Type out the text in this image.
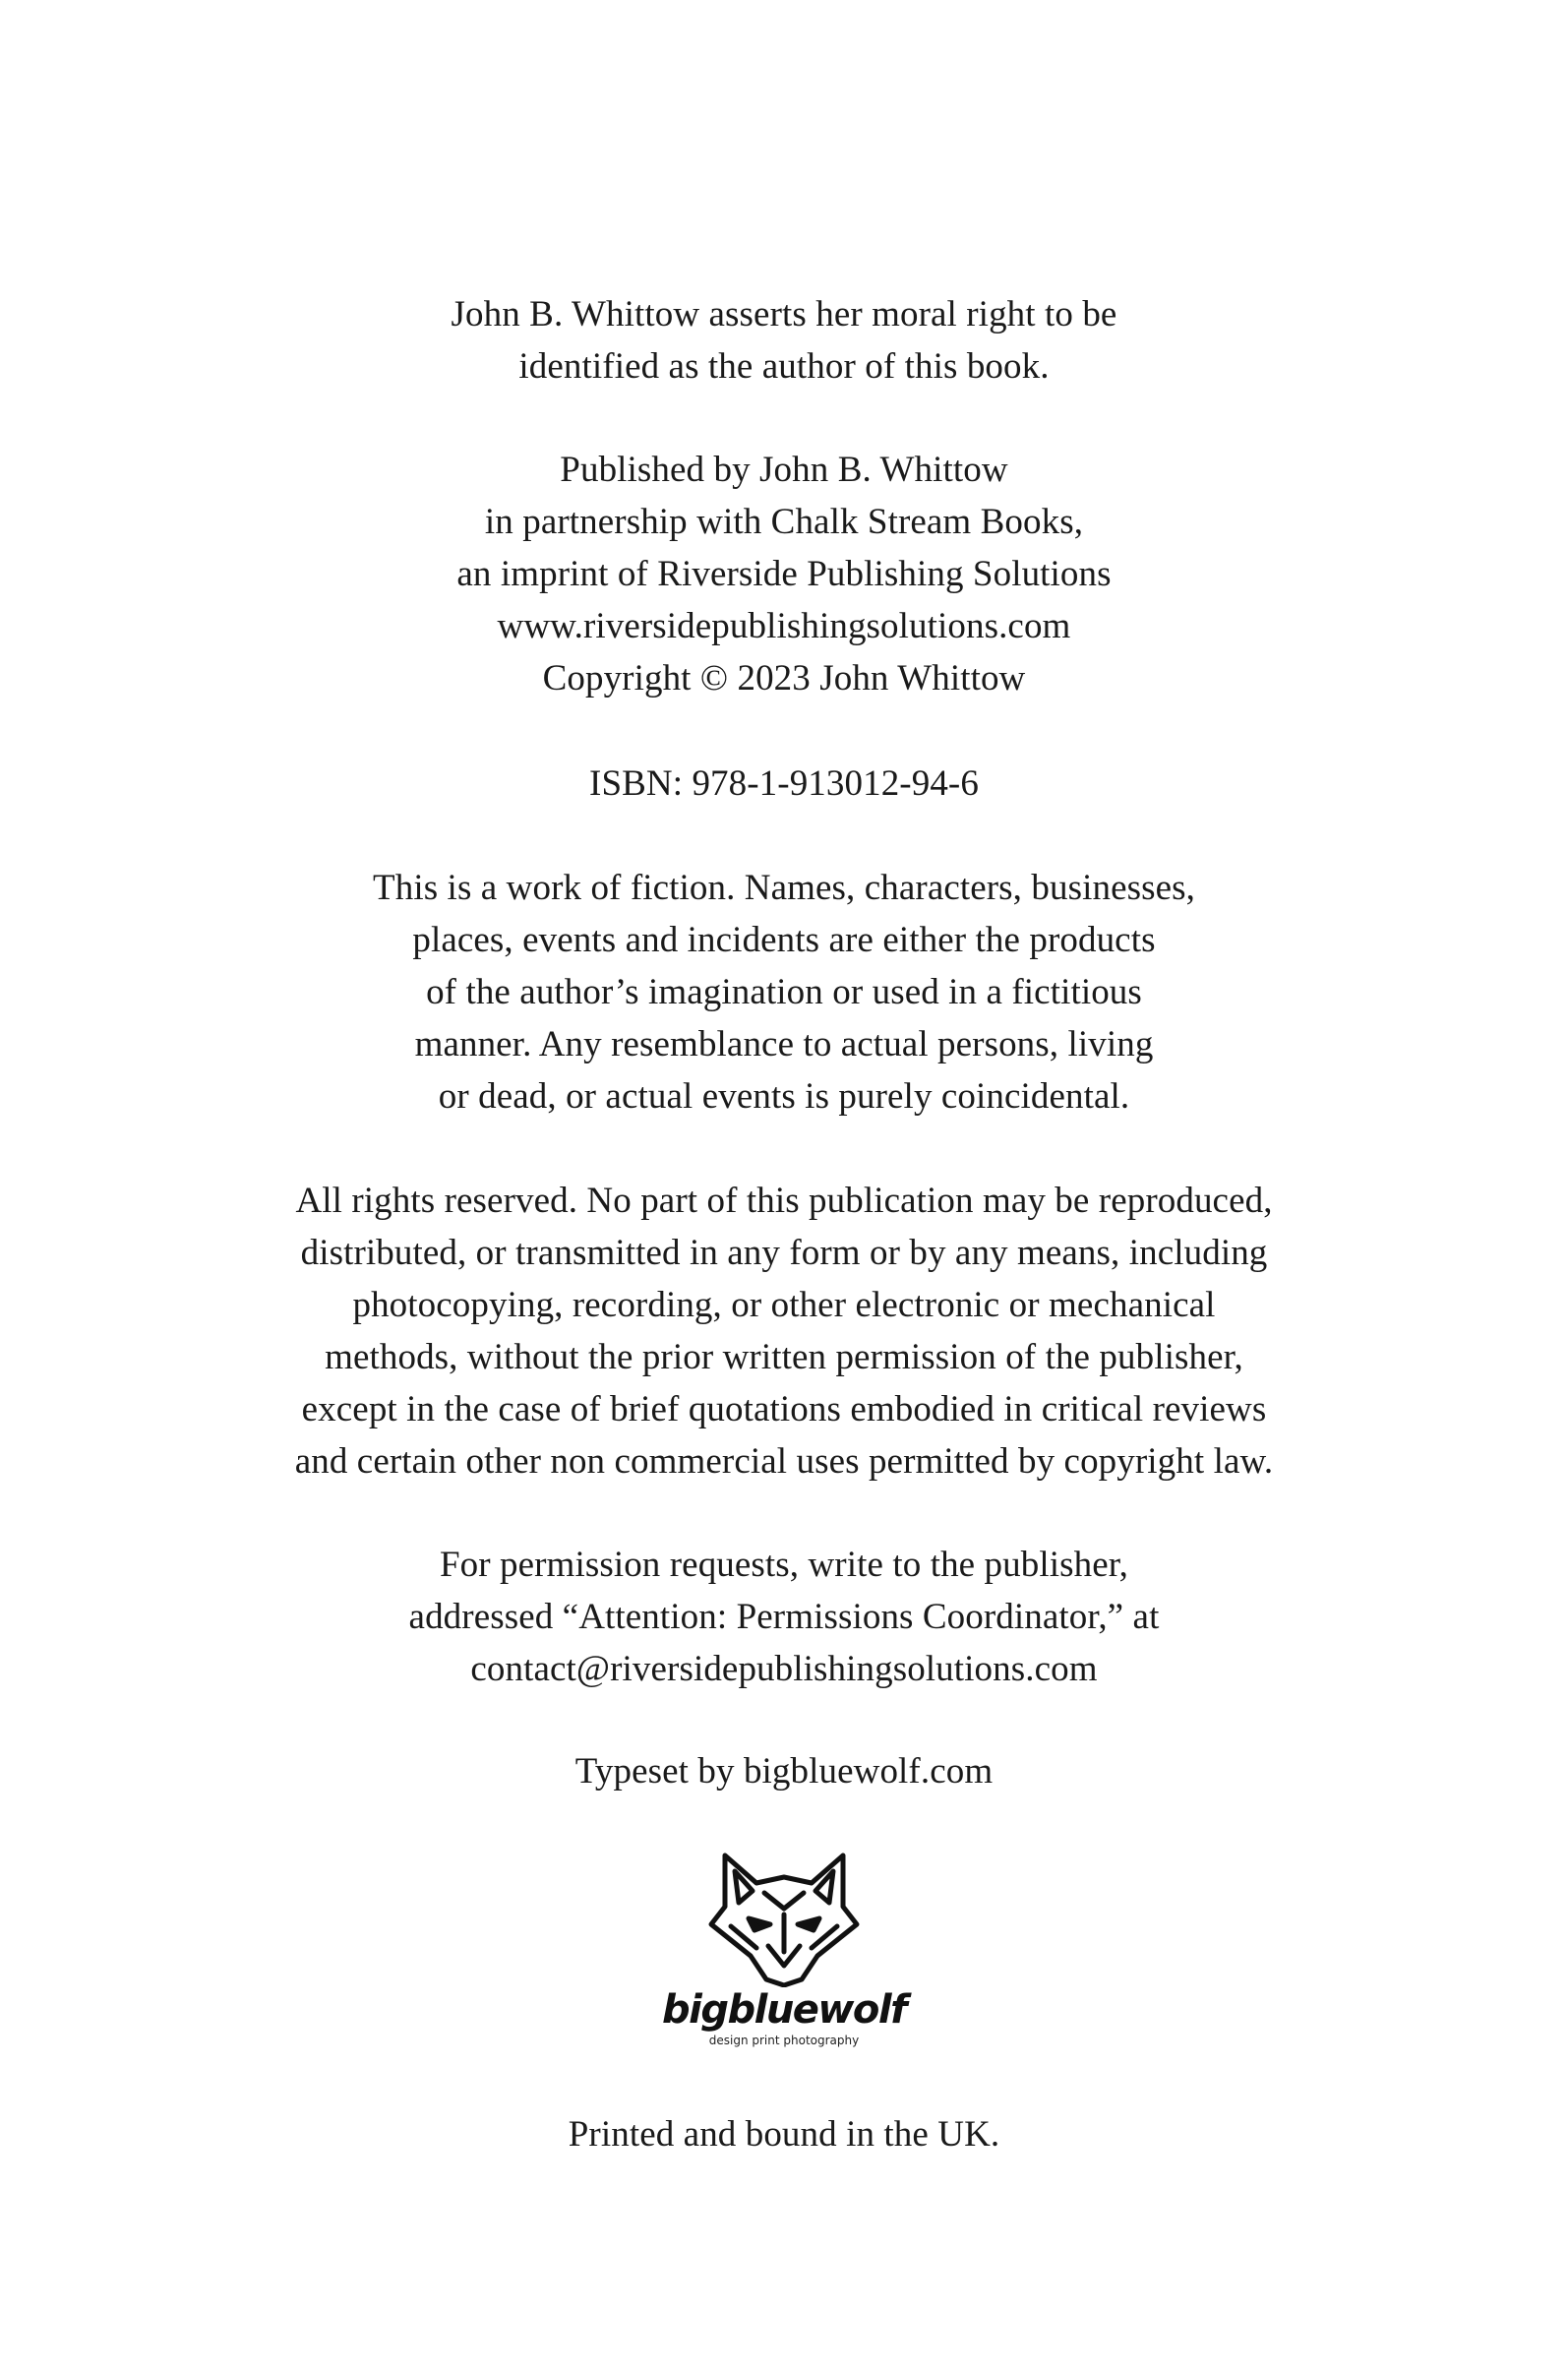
John B. Whittow asserts her moral right to be
identified as the author of this book.
Published by John B. Whittow
in partnership with Chalk Stream Books,
an imprint of Riverside Publishing Solutions
www.riversidepublishingsolutions.com
Copyright © 2023 John Whittow
ISBN: 978-1-913012-94-6
This is a work of fiction. Names, characters, businesses,
places, events and incidents are either the products
of the author’s imagination or used in a fictitious
manner. Any resemblance to actual persons, living
or dead, or actual events is purely coincidental.
All rights reserved. No part of this publication may be reproduced,
distributed, or transmitted in any form or by any means, including
photocopying, recording, or other electronic or mechanical
methods, without the prior written permission of the publisher,
except in the case of brief quotations embodied in critical reviews
and certain other non commercial uses permitted by copyright law.
For permission requests, write to the publisher,
addressed “Attention: Permissions Coordinator,” at
contact@riversidepublishingsolutions.com
Typeset by bigbluewolf.com
bigbluewolf
design print photography
Printed and bound in the UK.
